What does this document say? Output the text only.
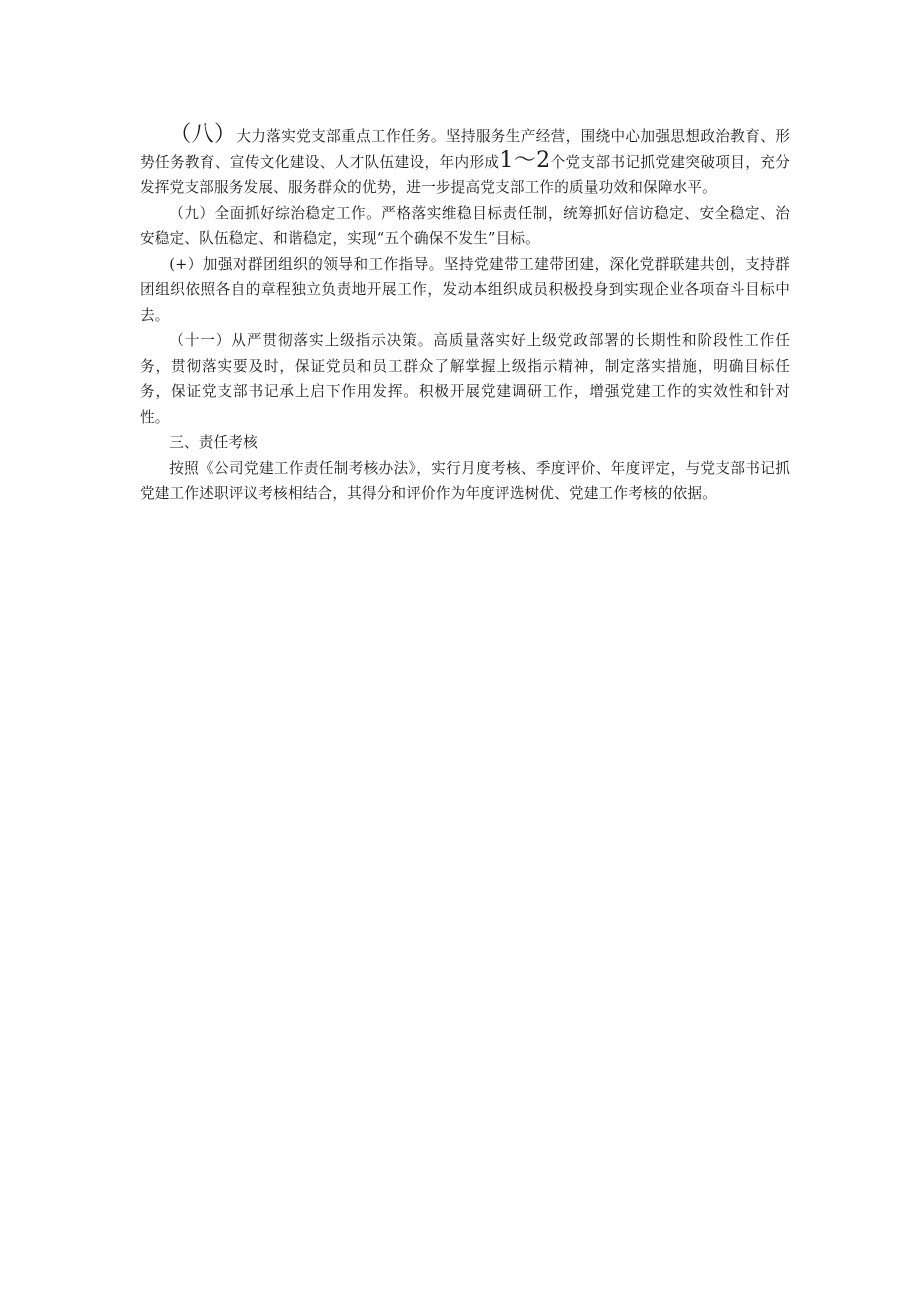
（八）大力落实党支部重点工作任务。坚持服务生产经营，围绕中心加强思想政治教育、形势任务教育、宣传文化建设、人才队伍建设，年内形成1～2个党支部书记抓党建突破项目，充分发挥党支部服务发展、服务群众的优势，进一步提高党支部工作的质量功效和保障水平。

（九）全面抓好综治稳定工作。严格落实维稳目标责任制，统筹抓好信访稳定、安全稳定、治安稳定、队伍稳定、和谐稳定，实现“五个确保不发生”目标。

(+）加强对群团组织的领导和工作指导。坚持党建带工建带团建，深化党群联建共创，支持群团组织依照各自的章程独立负责地开展工作，发动本组织成员积极投身到实现企业各项奋斗目标中去。

（十一）从严贯彻落实上级指示决策。高质量落实好上级党政部署的长期性和阶段性工作任务，贯彻落实要及时，保证党员和员工群众了解掌握上级指示精神，制定落实措施，明确目标任务，保证党支部书记承上启下作用发挥。积极开展党建调研工作，增强党建工作的实效性和针对性。

三、责任考核

按照《公司党建工作责任制考核办法》，实行月度考核、季度评价、年度评定，与党支部书记抓党建工作述职评议考核相结合，其得分和评价作为年度评选树优、党建工作考核的依据。
